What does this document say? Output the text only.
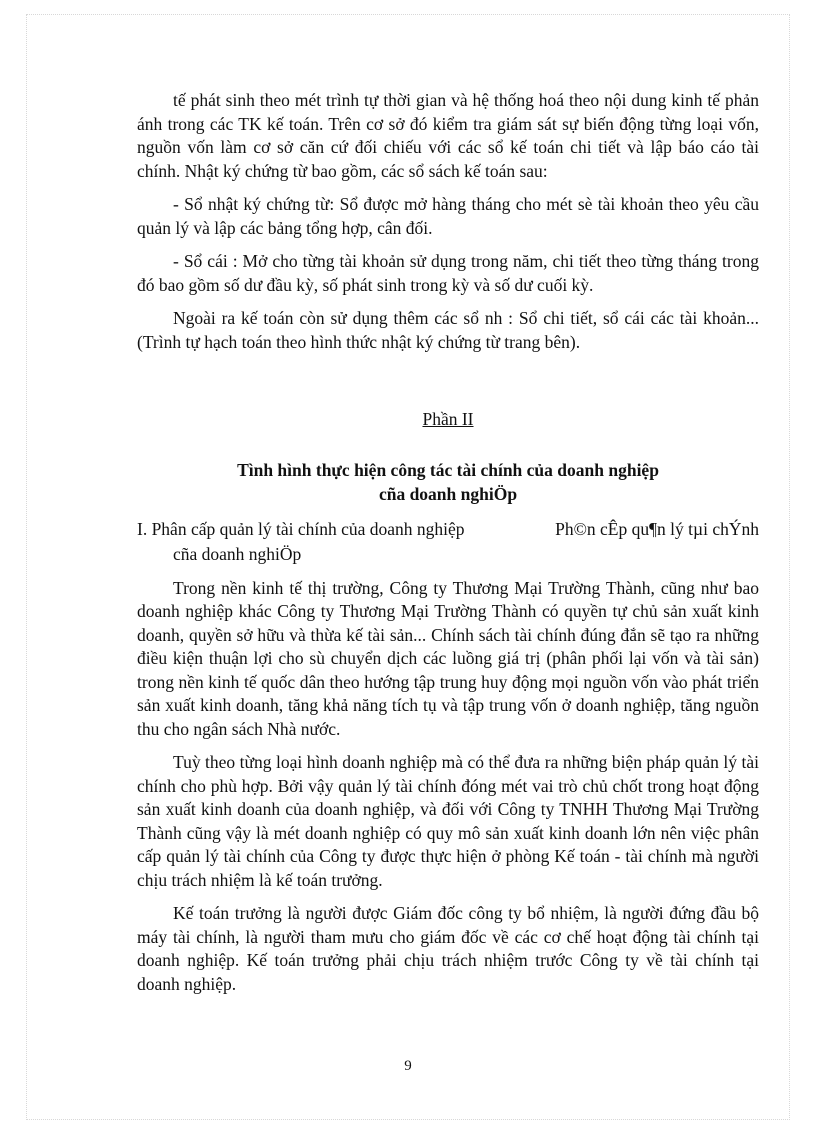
tế phát sinh theo mét trình tự thời gian và hệ thống hoá theo nội dung kinh tế phản ánh trong các TK kế toán. Trên cơ sở đó kiểm tra giám sát sự biến động từng loại vốn, nguồn vốn làm cơ sở căn cứ đối chiếu với các sổ kế toán chi tiết và lập báo cáo tài chính. Nhật ký chứng từ bao gồm, các sổ sách kế toán sau:

- Sổ nhật ký chứng từ: Sổ được mở hàng tháng cho mét sè tài khoản theo yêu cầu quản lý và lập các bảng tổng hợp, cân đối.

- Sổ cái : Mở cho từng tài khoản sử dụng trong năm, chi tiết theo từng tháng trong đó bao gồm số dư đầu kỳ, số phát sinh trong kỳ và số dư cuối kỳ.

Ngoài ra kế toán còn sử dụng thêm các sổ nh : Sổ chi tiết, sổ cái các tài khoản... (Trình tự hạch toán theo hình thức nhật ký chứng từ trang bên).

Phần II
Tình hình thực hiện công tác tài chính của doanh nghiệp
cña doanh nghiÖp
I. Phân cấp quản lý tài chính của doanh nghiệp	Ph©n cÊp qu¶n lý tµi chÝnh
cña doanh nghiÖp

Trong nền kinh tế thị trường, Công ty Thương Mại Trường Thành, cũng như bao doanh nghiệp khác Công ty Thương Mại Trường Thành có quyền tự chủ sản xuất kinh doanh, quyền sở hữu và thừa kế tài sản... Chính sách tài chính đúng đắn sẽ tạo ra những điều kiện thuận lợi cho sù chuyển dịch các luồng giá trị (phân phối lại vốn và tài sản) trong nền kinh tế quốc dân theo hướng tập trung huy động mọi nguồn vốn vào phát triển sản xuất kinh doanh, tăng khả năng tích tụ và tập trung vốn ở doanh nghiệp, tăng nguồn thu cho ngân sách Nhà nước.

Tuỳ theo từng loại hình doanh nghiệp mà có thể đưa ra những biện pháp quản lý tài chính cho phù hợp. Bởi vậy quản lý tài chính đóng mét vai trò chủ chốt trong hoạt động sản xuất kinh doanh của doanh nghiệp, và đối với Công ty TNHH Thương Mại Trường Thành cũng vậy là mét doanh nghiệp có quy mô sản xuất kinh doanh lớn nên việc phân cấp quản lý tài chính của Công ty được thực hiện ở phòng Kế toán - tài chính mà người chịu trách nhiệm là kế toán trưởng.

Kế toán trưởng là người được Giám đốc công ty bổ nhiệm, là người đứng đầu bộ máy tài chính, là người tham mưu cho giám đốc về các cơ chế hoạt động tài chính tại doanh nghiệp. Kế toán trưởng phải chịu trách nhiệm trước Công ty về tài chính tại doanh nghiệp.

9
